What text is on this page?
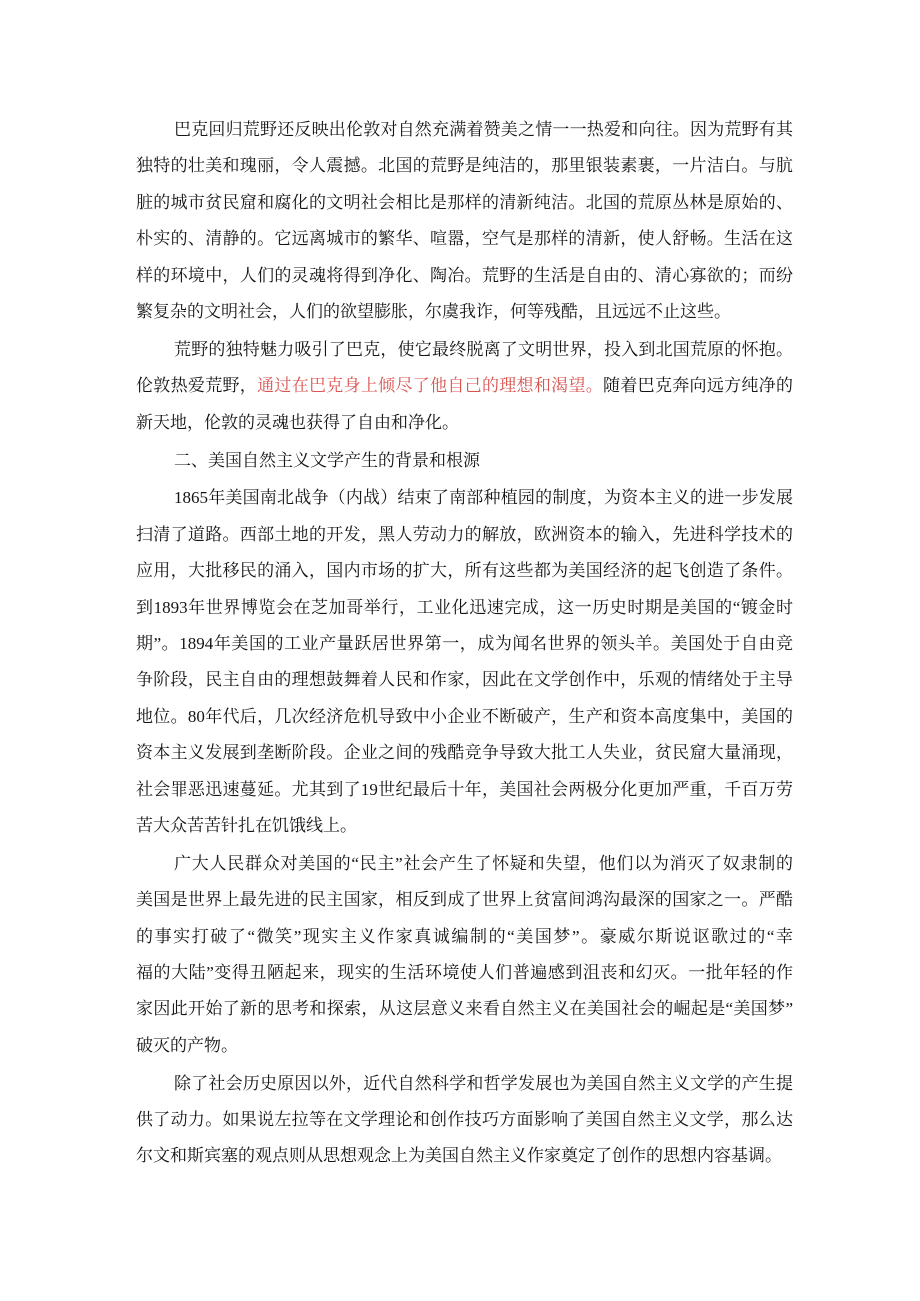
巴克回归荒野还反映出伦敦对自然充满着赞美之情一一热爱和向往。因为荒野有其
独特的壮美和瑰丽，令人震撼。北国的荒野是纯洁的，那里银装素裹，一片洁白。与肮
脏的城市贫民窟和腐化的文明社会相比是那样的清新纯洁。北国的荒原丛林是原始的、
朴实的、清静的。它远离城市的繁华、喧嚣，空气是那样的清新，使人舒畅。生活在这
样的环境中，人们的灵魂将得到净化、陶冶。荒野的生活是自由的、清心寡欲的；而纷
繁复杂的文明社会，人们的欲望膨胀，尔虞我诈，何等残酷，且远远不止这些。
荒野的独特魅力吸引了巴克，使它最终脱离了文明世界，投入到北国荒原的怀抱。
伦敦热爱荒野，通过在巴克身上倾尽了他自己的理想和渴望。随着巴克奔向远方纯净的
新天地，伦敦的灵魂也获得了自由和净化。
二、美国自然主义文学产生的背景和根源
1865年美国南北战争（内战）结束了南部种植园的制度，为资本主义的进一步发展
扫清了道路。西部土地的开发，黑人劳动力的解放，欧洲资本的输入，先进科学技术的
应用，大批移民的涌入，国内市场的扩大，所有这些都为美国经济的起飞创造了条件。
到1893年世界博览会在芝加哥举行，工业化迅速完成，这一历史时期是美国的“镀金时
期”。1894年美国的工业产量跃居世界第一，成为闻名世界的领头羊。美国处于自由竞
争阶段，民主自由的理想鼓舞着人民和作家，因此在文学创作中，乐观的情绪处于主导
地位。80年代后，几次经济危机导致中小企业不断破产，生产和资本高度集中，美国的
资本主义发展到垄断阶段。企业之间的残酷竞争导致大批工人失业，贫民窟大量涌现，
社会罪恶迅速蔓延。尤其到了19世纪最后十年，美国社会两极分化更加严重，千百万劳
苦大众苦苦针扎在饥饿线上。
广大人民群众对美国的“民主”社会产生了怀疑和失望，他们以为消灭了奴隶制的
美国是世界上最先进的民主国家，相反到成了世界上贫富间鸿沟最深的国家之一。严酷
的事实打破了“微笑”现实主义作家真诚编制的“美国梦”。豪威尔斯说讴歌过的“幸
福的大陆”变得丑陋起来，现实的生活环境使人们普遍感到沮丧和幻灭。一批年轻的作
家因此开始了新的思考和探索，从这层意义来看自然主义在美国社会的崛起是“美国梦”
破灭的产物。
除了社会历史原因以外，近代自然科学和哲学发展也为美国自然主义文学的产生提
供了动力。如果说左拉等在文学理论和创作技巧方面影响了美国自然主义文学，那么达
尔文和斯宾塞的观点则从思想观念上为美国自然主义作家奠定了创作的思想内容基调。
